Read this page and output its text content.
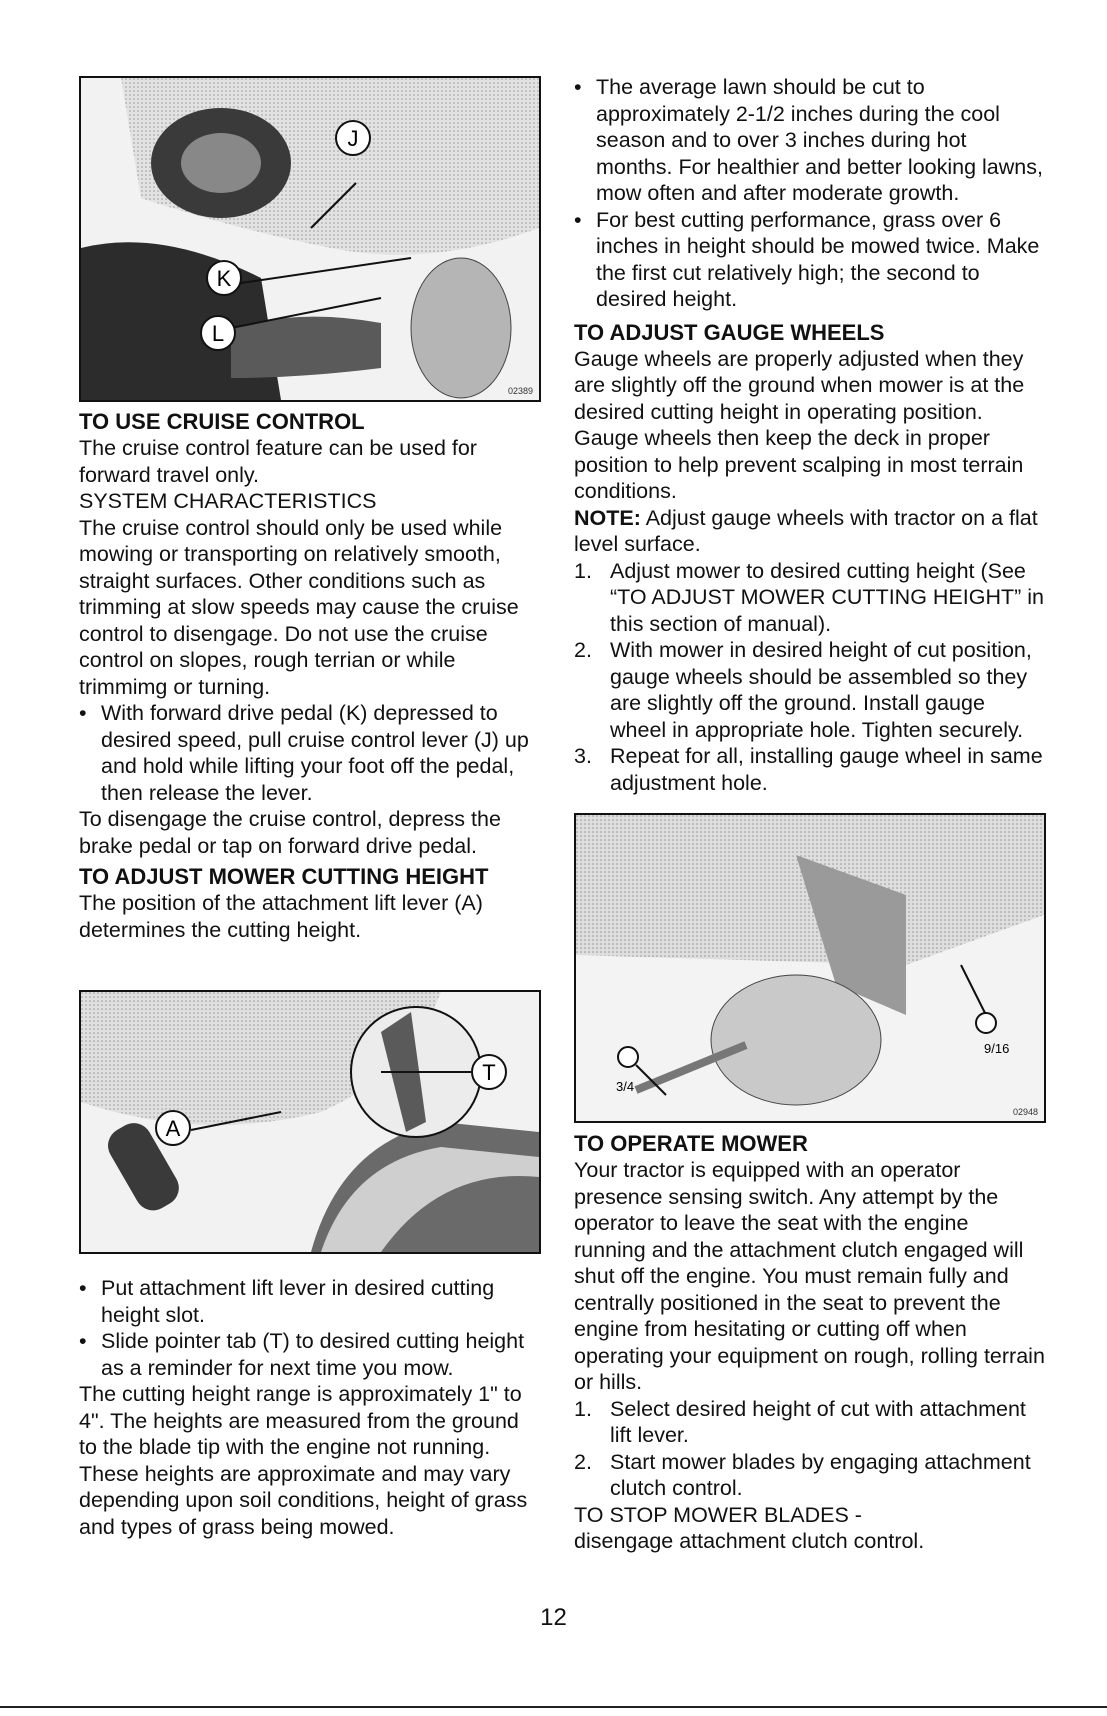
J
K
L
02389

TO USE CRUISE CONTROL

The cruise control feature can be used for forward travel only.

SYSTEM CHARACTERISTICS

The cruise control should only be used while mowing or transporting on relatively smooth, straight surfaces. Other conditions such as trimming at slow speeds may cause the cruise control to disengage. Do not use the cruise control on slopes, rough terrian or while trimmimg or turning.

• With forward drive pedal (K) depressed to desired speed, pull cruise control lever (J) up and hold while lifting your foot off the pedal, then release the lever.

To disengage the cruise control, depress the brake pedal or tap on forward drive pedal.

TO ADJUST MOWER CUTTING HEIGHT

The position of the attachment lift lever (A) determines the cutting height.

T
A

• Put attachment lift lever in desired cutting height slot.

• Slide pointer tab (T) to desired cutting height as a reminder for next time you mow.

The cutting height range is approximately 1" to 4". The heights are measured from the ground to the blade tip with the engine not running. These heights are approximate and may vary depending upon soil conditions, height of grass and types of grass being mowed.

• The average lawn should be cut to approximately 2-1/2 inches during the cool season and to over 3 inches during hot months. For healthier and better looking lawns, mow often and after moderate growth.

• For best cutting performance, grass over 6 inches in height should be mowed twice. Make the first cut relatively high; the second to desired height.

TO ADJUST GAUGE WHEELS

Gauge wheels are properly adjusted when they are slightly off the ground when mower is at the desired cutting height in operating position. Gauge wheels then keep the deck in proper position to help prevent scalping in most terrain conditions.

NOTE: Adjust gauge wheels with tractor on a flat level surface.

1. Adjust mower to desired cutting height (See “TO ADJUST MOWER CUTTING HEIGHT” in this section of manual).
2. With mower in desired height of cut position, gauge wheels should be assembled so they are slightly off the ground. Install gauge wheel in appropriate hole. Tighten securely.
3. Repeat for all, installing gauge wheel in same adjustment hole.
9/16
3/4
02948

TO OPERATE MOWER

Your tractor is equipped with an operator presence sensing switch. Any attempt by the operator to leave the seat with the engine running and the attachment clutch engaged will shut off the engine. You must remain fully and centrally positioned in the seat to prevent the engine from hesitating or cutting off when operating your equipment on rough, rolling terrain or hills.

1. Select desired height of cut with attachment lift lever.
2. Start mower blades by engaging attachment clutch control.

TO STOP MOWER BLADES -

disengage attachment clutch control.

12
